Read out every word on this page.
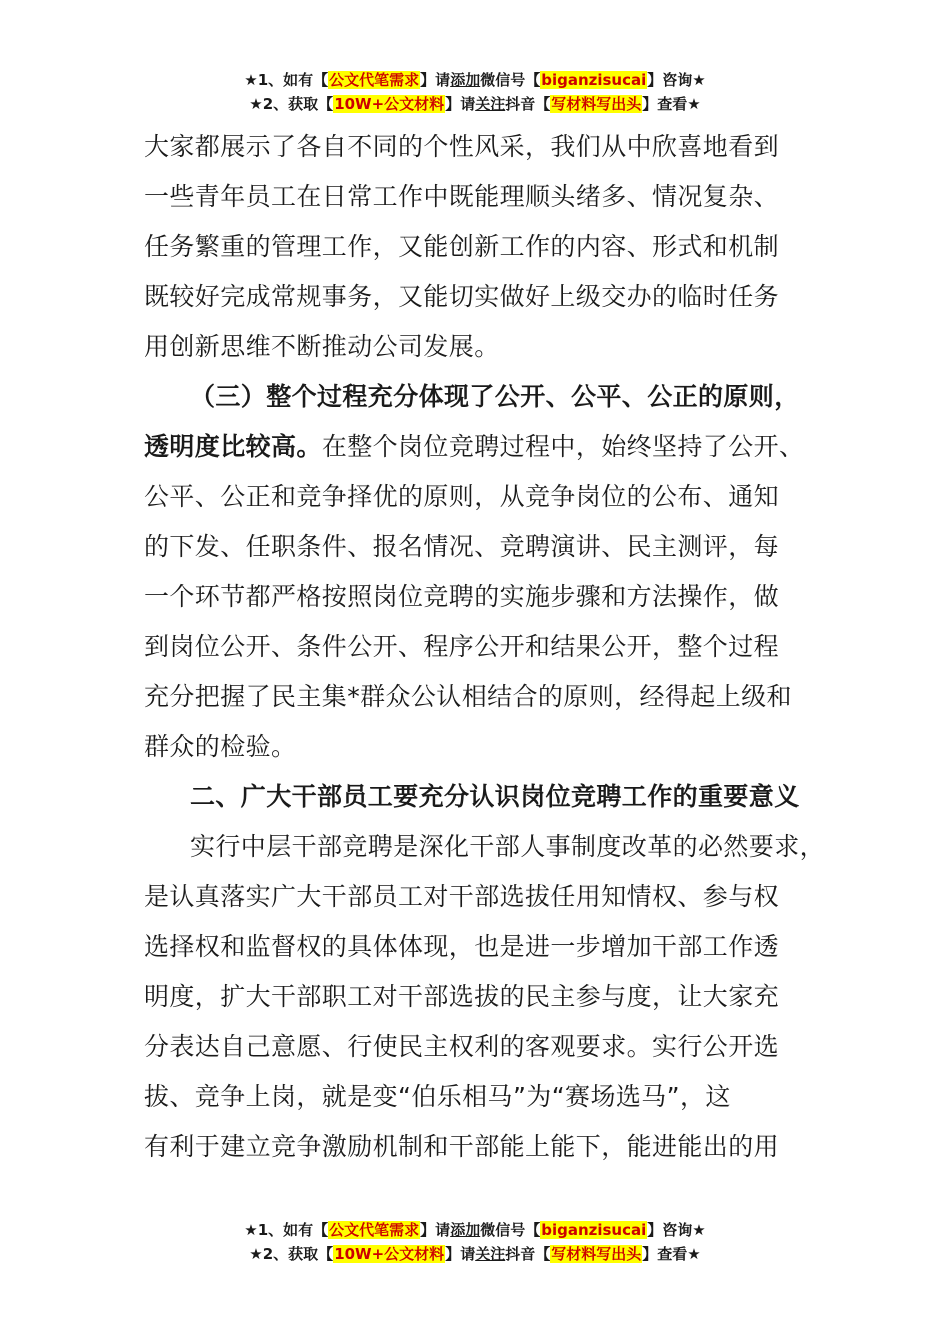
★1、如有【公文代笔需求】请添加微信号【biganzisucai】咨询★
★2、获取【10W+公文材料】请关注抖音【写材料写出头】查看★
大家都展示了各自不同的个性风采，我们从中欣喜地看到
一些青年员工在日常工作中既能理顺头绪多、情况复杂、
任务繁重的管理工作，又能创新工作的内容、形式和机制
既较好完成常规事务，又能切实做好上级交办的临时任务
用创新思维不断推动公司发展。
（三）整个过程充分体现了公开、公平、公正的原则，
透明度比较高。在整个岗位竞聘过程中，始终坚持了公开、
公平、公正和竞争择优的原则，从竞争岗位的公布、通知
的下发、任职条件、报名情况、竞聘演讲、民主测评，每
一个环节都严格按照岗位竞聘的实施步骤和方法操作，做
到岗位公开、条件公开、程序公开和结果公开，整个过程
充分把握了民主集*群众公认相结合的原则，经得起上级和
群众的检验。
二、广大干部员工要充分认识岗位竞聘工作的重要意义
实行中层干部竞聘是深化干部人事制度改革的必然要求，
是认真落实广大干部员工对干部选拔任用知情权、参与权
选择权和监督权的具体体现，也是进一步增加干部工作透
明度，扩大干部职工对干部选拔的民主参与度，让大家充
分表达自己意愿、行使民主权利的客观要求。实行公开选
拔、竞争上岗，就是变“伯乐相马”为“赛场选马”，这
有利于建立竞争激励机制和干部能上能下，能进能出的用
★1、如有【公文代笔需求】请添加微信号【biganzisucai】咨询★
★2、获取【10W+公文材料】请关注抖音【写材料写出头】查看★
